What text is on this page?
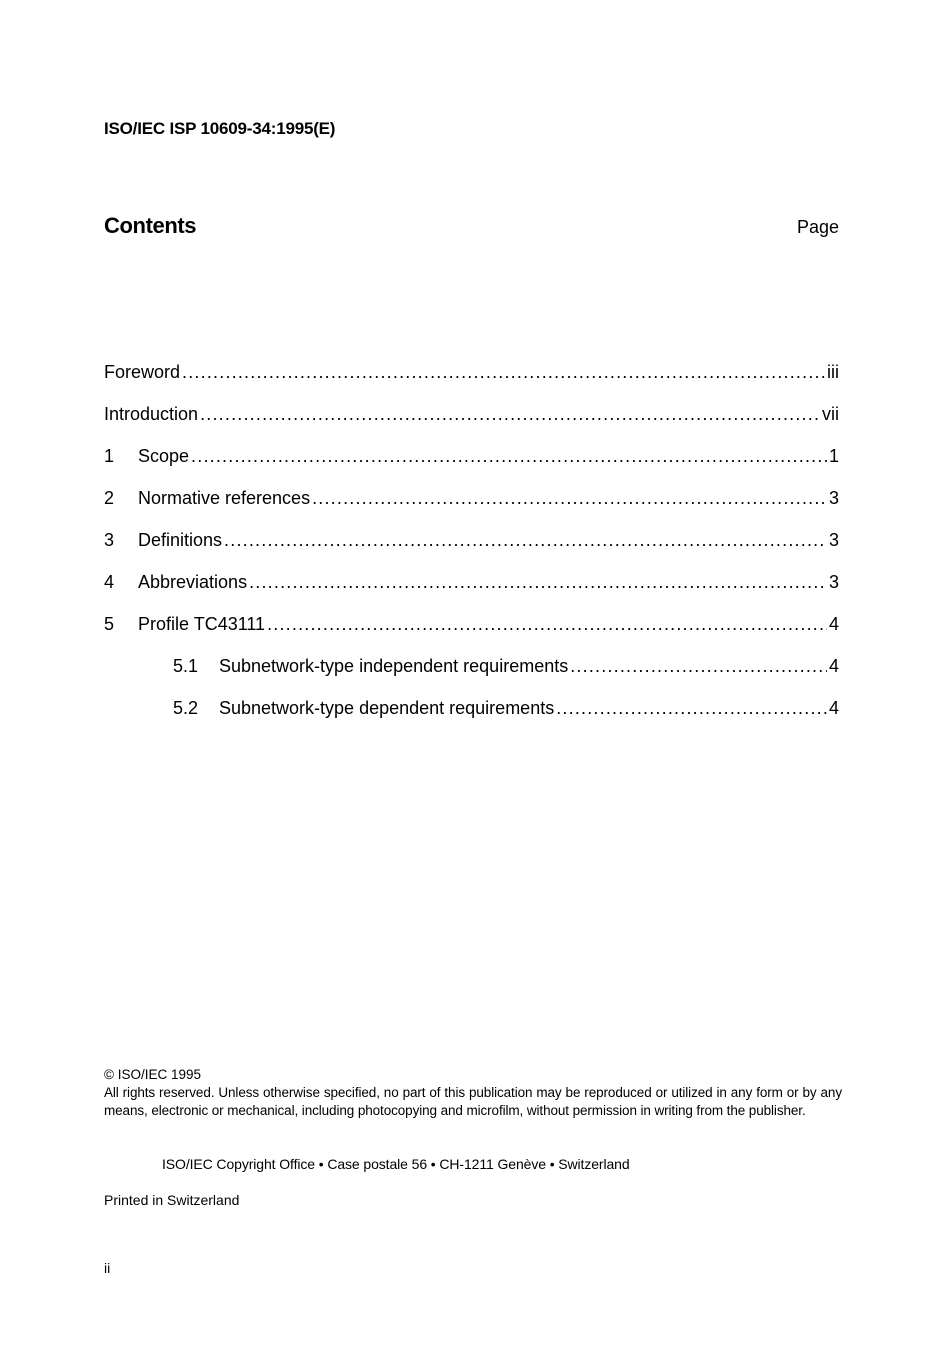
ISO/IEC ISP 10609-34:1995(E)
Contents	Page
Foreword .....	iii
Introduction .....	vii
1	Scope .....	1
2	Normative references .....	3
3	Definitions .....	3
4	Abbreviations .....	3
5	Profile TC43111 .....	4
5.1	Subnetwork-type independent requirements .....	4
5.2	Subnetwork-type dependent requirements .....	4
© ISO/IEC 1995
All rights reserved. Unless otherwise specified, no part of this publication may be reproduced or utilized in any form or by any means, electronic or mechanical, including photocopying and microfilm, without permission in writing from the publisher.
ISO/IEC Copyright Office • Case postale 56 • CH-1211 Genève • Switzerland
Printed in Switzerland
ii
